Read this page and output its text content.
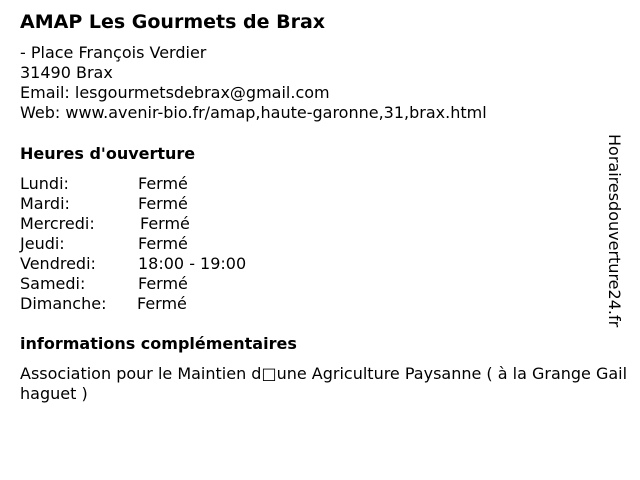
AMAP Les Gourmets de Brax
- Place François Verdier
31490 Brax
Email: lesgourmetsdebrax@gmail.com
Web: www.avenir-bio.fr/amap,haute-garonne,31,brax.html
Heures d'ouverture
Lundi:	Fermé
Mardi:	Fermé
Mercredi:	Fermé
Jeudi:	Fermé
Vendredi:	18:00 - 19:00
Samedi:	Fermé
Dimanche: Fermé
informations complémentaires
Association pour le Maintien d□une Agriculture Paysanne ( à la Grange Gailhaguet )
Horairesdouverture24.fr
